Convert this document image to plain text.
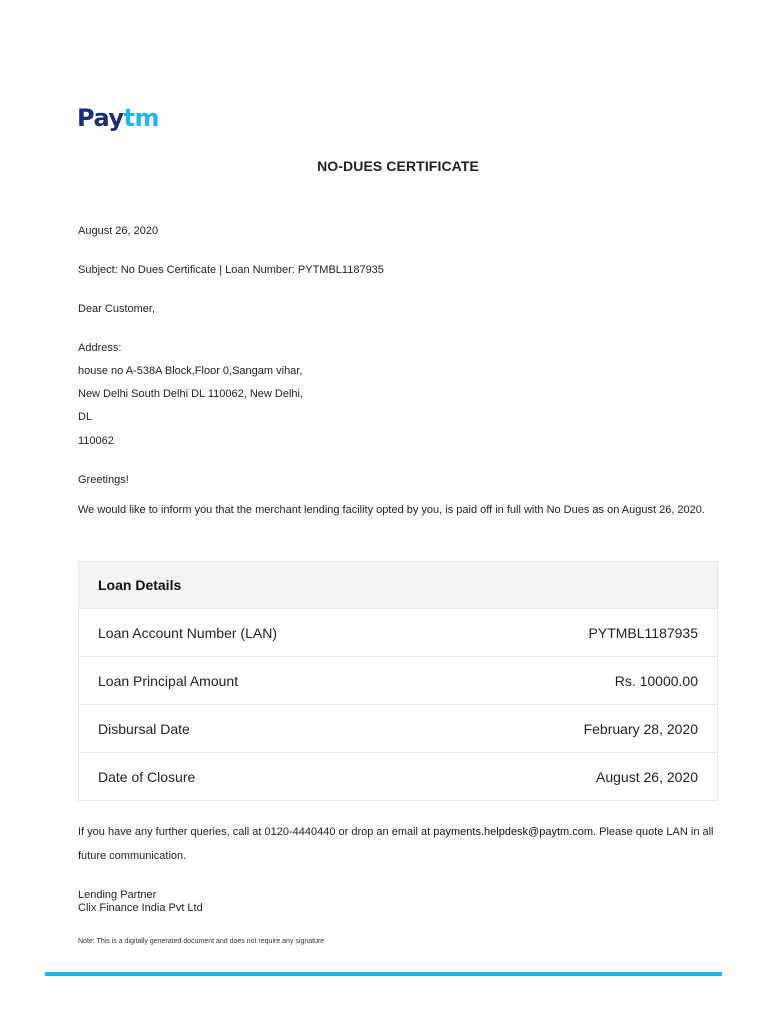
Paytm
NO-DUES CERTIFICATE
August 26, 2020
Subject: No Dues Certificate | Loan Number: PYTMBL1187935
Dear Customer,
Address:
house no A-538A Block,Floor 0,Sangam vihar,
New Delhi South Delhi DL 110062, New Delhi,
DL
110062
Greetings!
We would like to inform you that the merchant lending facility opted by you, is paid off in full with No Dues as on August 26, 2020.
Loan Details
Loan Account Number (LAN)	PYTMBL1187935
Loan Principal Amount	Rs. 10000.00
Disbursal Date	February 28, 2020
Date of Closure	August 26, 2020
If you have any further queries, call at 0120-4440440 or drop an email at payments.helpdesk@paytm.com. Please quote LAN in all future communication.
Lending Partner
Clix Finance India Pvt Ltd
Note: This is a digitally generated document and does not require any signature
